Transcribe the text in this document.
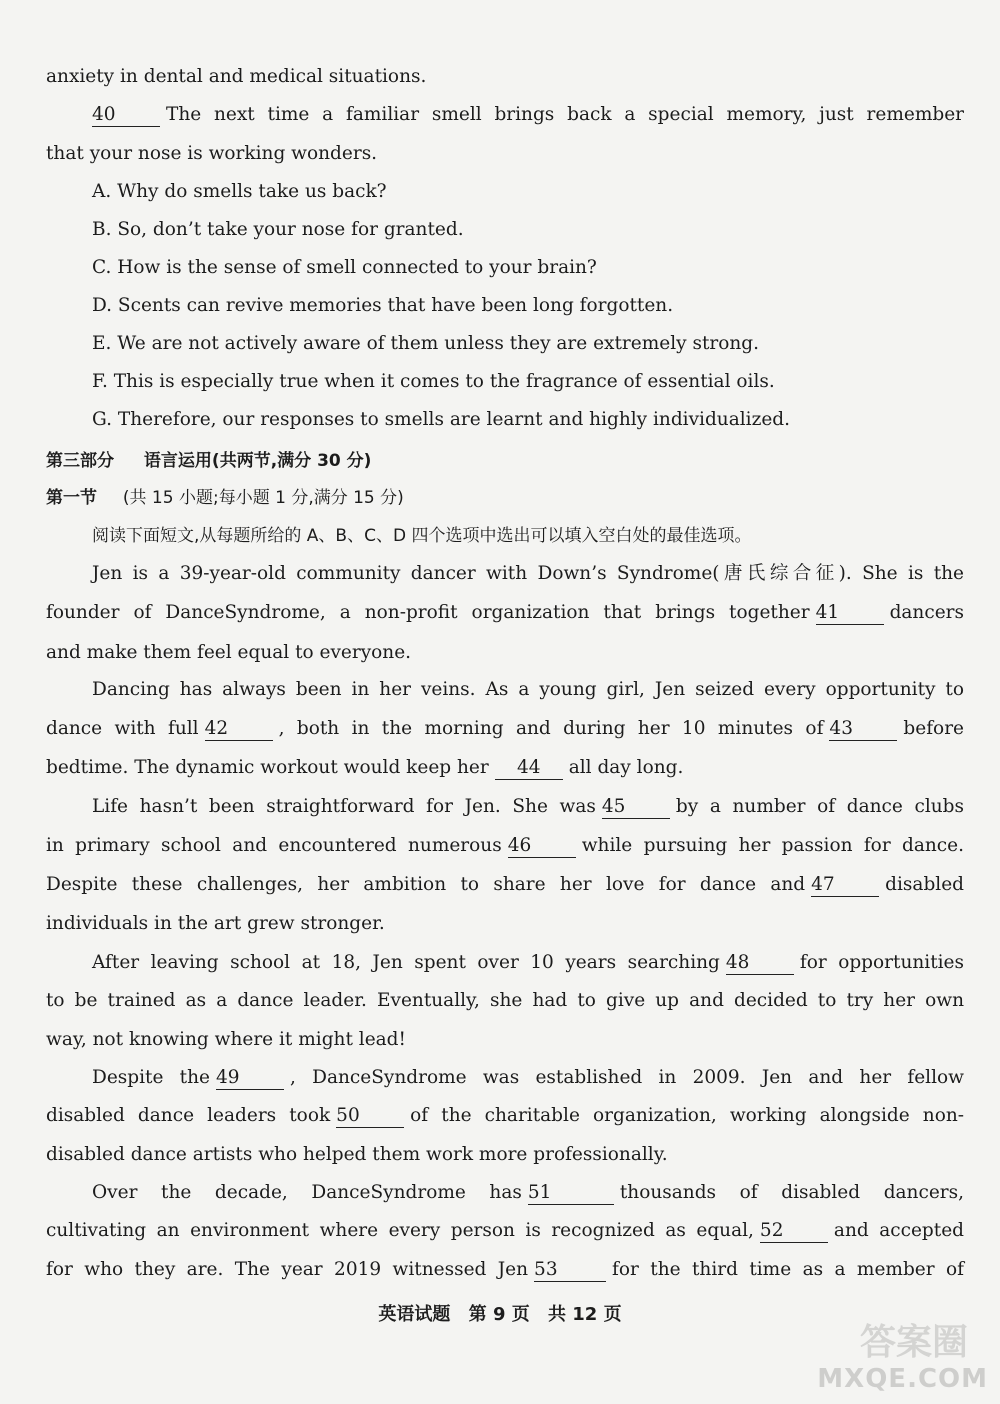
anxiety in dental and medical situations.
40	The next time a familiar smell brings back a special memory, just remember
that your nose is working wonders.
A. Why do smells take us back?
B. So, don’t take your nose for granted.
C. How is the sense of smell connected to your brain?
D. Scents can revive memories that have been long forgotten.
E. We are not actively aware of them unless they are extremely strong.
F. This is especially true when it comes to the fragrance of essential oils.
G. Therefore, our responses to smells are learnt and highly individualized.
第三部分 语言运用(共两节,满分 30 分)
第一节 (共 15 小题;每小题 1 分,满分 15 分)
阅读下面短文,从每题所给的 A、B、C、D 四个选项中选出可以填入空白处的最佳选项。
Jen is a 39-year-old community dancer with Down’s Syndrome(唐氏综合征). She is the
founder of DanceSyndrome, a non-profit organization that brings together 41	dancers
and make them feel equal to everyone.
Dancing has always been in her veins. As a young girl, Jen seized every opportunity to
dance with full 42	, both in the morning and during her 10 minutes of 43	before
bedtime. The dynamic workout would keep her 44 all day long.
Life hasn’t been straightforward for Jen. She was 45	by a number of dance clubs
in primary school and encountered numerous 46	while pursuing her passion for dance.
Despite these challenges, her ambition to share her love for dance and 47	disabled
individuals in the art grew stronger.
After leaving school at 18, Jen spent over 10 years searching 48	for opportunities
to be trained as a dance leader. Eventually, she had to give up and decided to try her own
way, not knowing where it might lead!
Despite the 49	, DanceSyndrome was established in 2009. Jen and her fellow
disabled dance leaders took 50	of the charitable organization, working alongside non-
disabled dance artists who helped them work more professionally.
Over the decade, DanceSyndrome has 51	thousands of disabled dancers,
cultivating an environment where every person is recognized as equal, 52	and accepted
for who they are. The year 2019 witnessed Jen 53	for the third time as a member of
英语试题 第 9 页 共 12 页
答案圈
MXQE.COM
